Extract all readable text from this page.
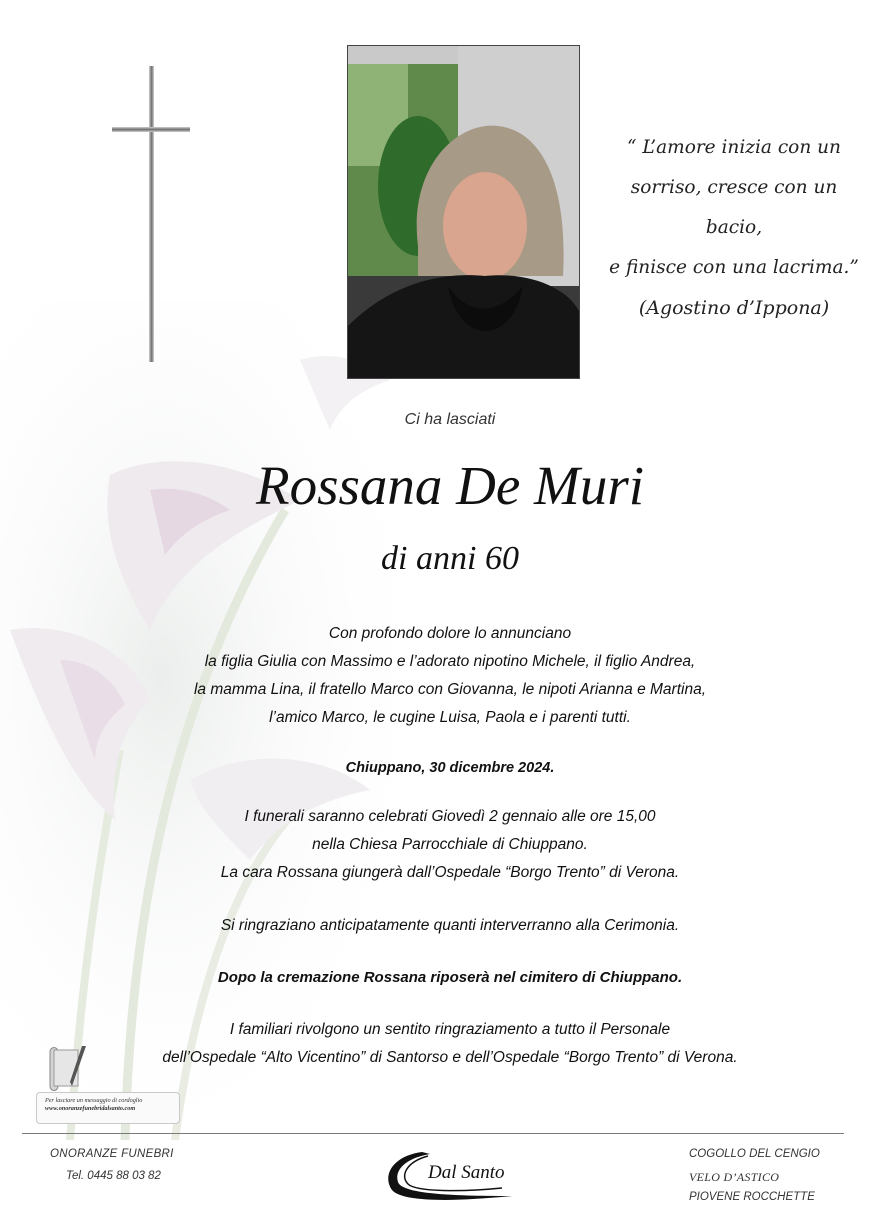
“ L’amore inizia con un
sorriso, cresce con un bacio,
e finisce con una lacrima.”
(Agostino d’Ippona)
Ci ha lasciati
Rossana De Muri
di anni 60
Con profondo dolore lo annunciano
la figlia Giulia con Massimo e l’adorato nipotino Michele, il figlio Andrea,
la mamma Lina, il fratello Marco con Giovanna, le nipoti Arianna e Martina,
l’amico Marco, le cugine Luisa, Paola e i parenti tutti.
Chiuppano, 30 dicembre 2024.
I funerali saranno celebrati Giovedì 2 gennaio alle ore 15,00
nella Chiesa Parrocchiale di Chiuppano.
La cara Rossana giungerà dall’Ospedale “Borgo Trento” di Verona.
Si ringraziano anticipatamente quanti interverranno alla Cerimonia.
Dopo la cremazione Rossana riposerà nel cimitero di Chiuppano.
I familiari rivolgono un sentito ringraziamento a tutto il Personale
dell’Ospedale “Alto Vicentino” di Santorso e dell’Ospedale “Borgo Trento” di Verona.
Per lasciare un messaggio di cordoglio
www.onoranzefunebridalsanto.com
ONORANZE FUNEBRI
Tel. 0445 88 03 82	Dal Santo
COGOLLO DEL CENGIO
VELO D’ASTICO
PIOVENE ROCCHETTE
